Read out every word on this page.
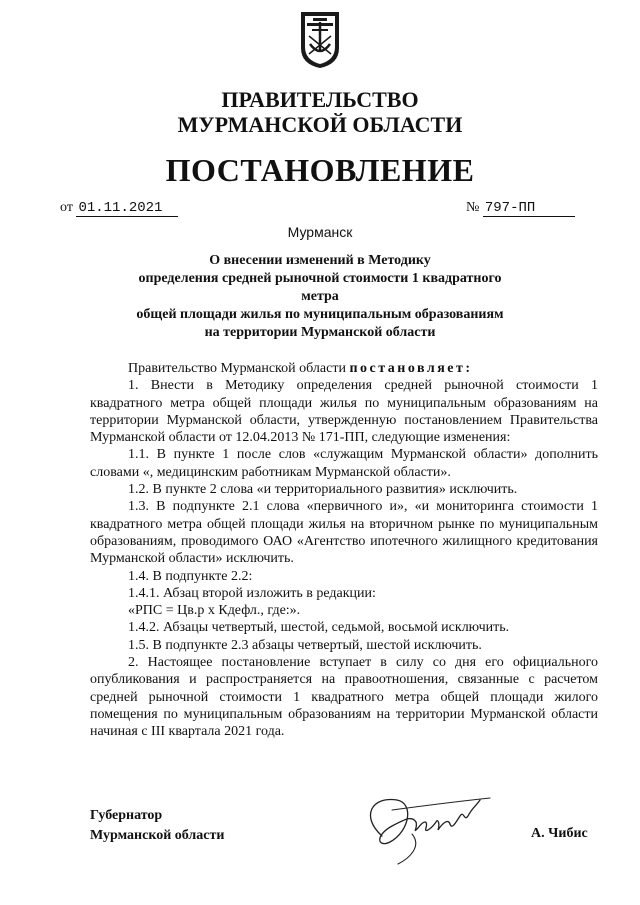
ПРАВИТЕЛЬСТВО
МУРМАНСКОЙ ОБЛАСТИ
ПОСТАНОВЛЕНИЕ
от 01.11.2021	№ 797-ПП
Мурманск
О внесении изменений в Методику
определения средней рыночной стоимости 1 квадратного метра
общей площади жилья по муниципальным образованиям
на территории Мурманской области

Правительство Мурманской области постановляет:

1. Внести в Методику определения средней рыночной стоимости 1 квадратного метра общей площади жилья по муниципальным образованиям на территории Мурманской области, утвержденную постановлением Правительства Мурманской области от 12.04.2013 № 171-ПП, следующие изменения:

1.1. В пункте 1 после слов «служащим Мурманской области» дополнить словами «, медицинским работникам Мурманской области».

1.2. В пункте 2 слова «и территориального развития» исключить.

1.3. В подпункте 2.1 слова «первичного и», «и мониторинга стоимости 1 квадратного метра общей площади жилья на вторичном рынке по муниципальным образованиям, проводимого ОАО «Агентство ипотечного жилищного кредитования Мурманской области» исключить.

1.4. В подпункте 2.2:

1.4.1. Абзац второй изложить в редакции:

«РПС = Цв.р х Кдефл., где:».

1.4.2. Абзацы четвертый, шестой, седьмой, восьмой исключить.

1.5. В подпункте 2.3 абзацы четвертый, шестой исключить.

2. Настоящее постановление вступает в силу со дня его официального опубликования и распространяется на правоотношения, связанные с расчетом средней рыночной стоимости 1 квадратного метра общей площади жилого помещения по муниципальным образованиям на территории Мурманской области начиная с III квартала 2021 года.

Губернатор
Мурманской области	А. Чибис
